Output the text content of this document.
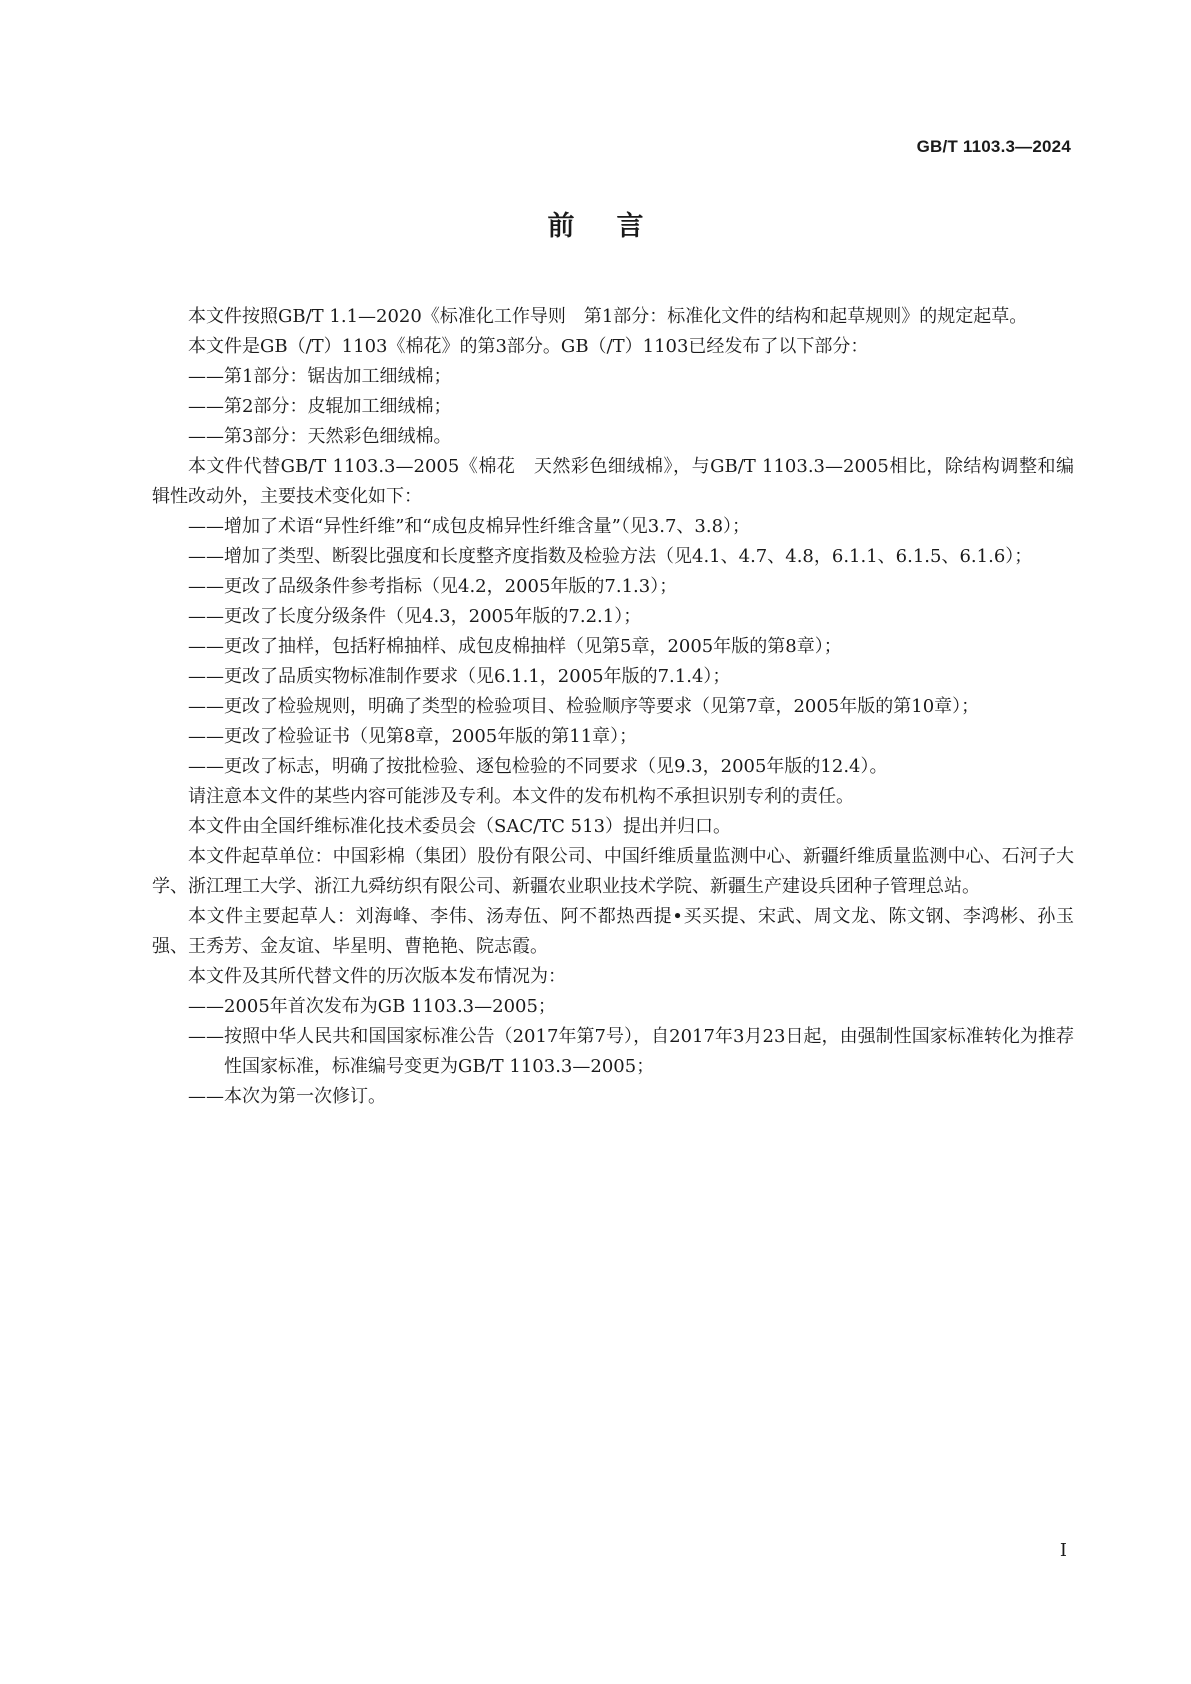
GB/T 1103.3—2024
前言

本文件按照GB/T 1.1—2020《标准化工作导则　第1部分：标准化文件的结构和起草规则》的规定起草。

本文件是GB（/T）1103《棉花》的第3部分。GB（/T）1103已经发布了以下部分：

——第1部分：锯齿加工细绒棉；

——第2部分：皮辊加工细绒棉；

——第3部分：天然彩色细绒棉。

本文件代替GB/T 1103.3—2005《棉花　天然彩色细绒棉》，与GB/T 1103.3—2005相比，除结构调整和编辑性改动外，主要技术变化如下：

——增加了术语“异性纤维”和“成包皮棉异性纤维含量”（见3.7、3.8）；

——增加了类型、断裂比强度和长度整齐度指数及检验方法（见4.1、4.7、4.8，6.1.1、6.1.5、6.1.6）；

——更改了品级条件参考指标（见4.2，2005年版的7.1.3）；

——更改了长度分级条件（见4.3，2005年版的7.2.1）；

——更改了抽样，包括籽棉抽样、成包皮棉抽样（见第5章，2005年版的第8章）；

——更改了品质实物标准制作要求（见6.1.1，2005年版的7.1.4）；

——更改了检验规则，明确了类型的检验项目、检验顺序等要求（见第7章，2005年版的第10章）；

——更改了检验证书（见第8章，2005年版的第11章）；

——更改了标志，明确了按批检验、逐包检验的不同要求（见9.3，2005年版的12.4）。

请注意本文件的某些内容可能涉及专利。本文件的发布机构不承担识别专利的责任。

本文件由全国纤维标准化技术委员会（SAC/TC 513）提出并归口。

本文件起草单位：中国彩棉（集团）股份有限公司、中国纤维质量监测中心、新疆纤维质量监测中心、石河子大学、浙江理工大学、浙江九舜纺织有限公司、新疆农业职业技术学院、新疆生产建设兵团种子管理总站。

本文件主要起草人：刘海峰、李伟、汤寿伍、阿不都热西提•买买提、宋武、周文龙、陈文钢、李鸿彬、孙玉强、王秀芳、金友谊、毕星明、曹艳艳、院志霞。

本文件及其所代替文件的历次版本发布情况为：

——2005年首次发布为GB 1103.3—2005；

——按照中华人民共和国国家标准公告（2017年第7号），自2017年3月23日起，由强制性国家标准转化为推荐性国家标准，标准编号变更为GB/T 1103.3—2005；

——本次为第一次修订。

I
